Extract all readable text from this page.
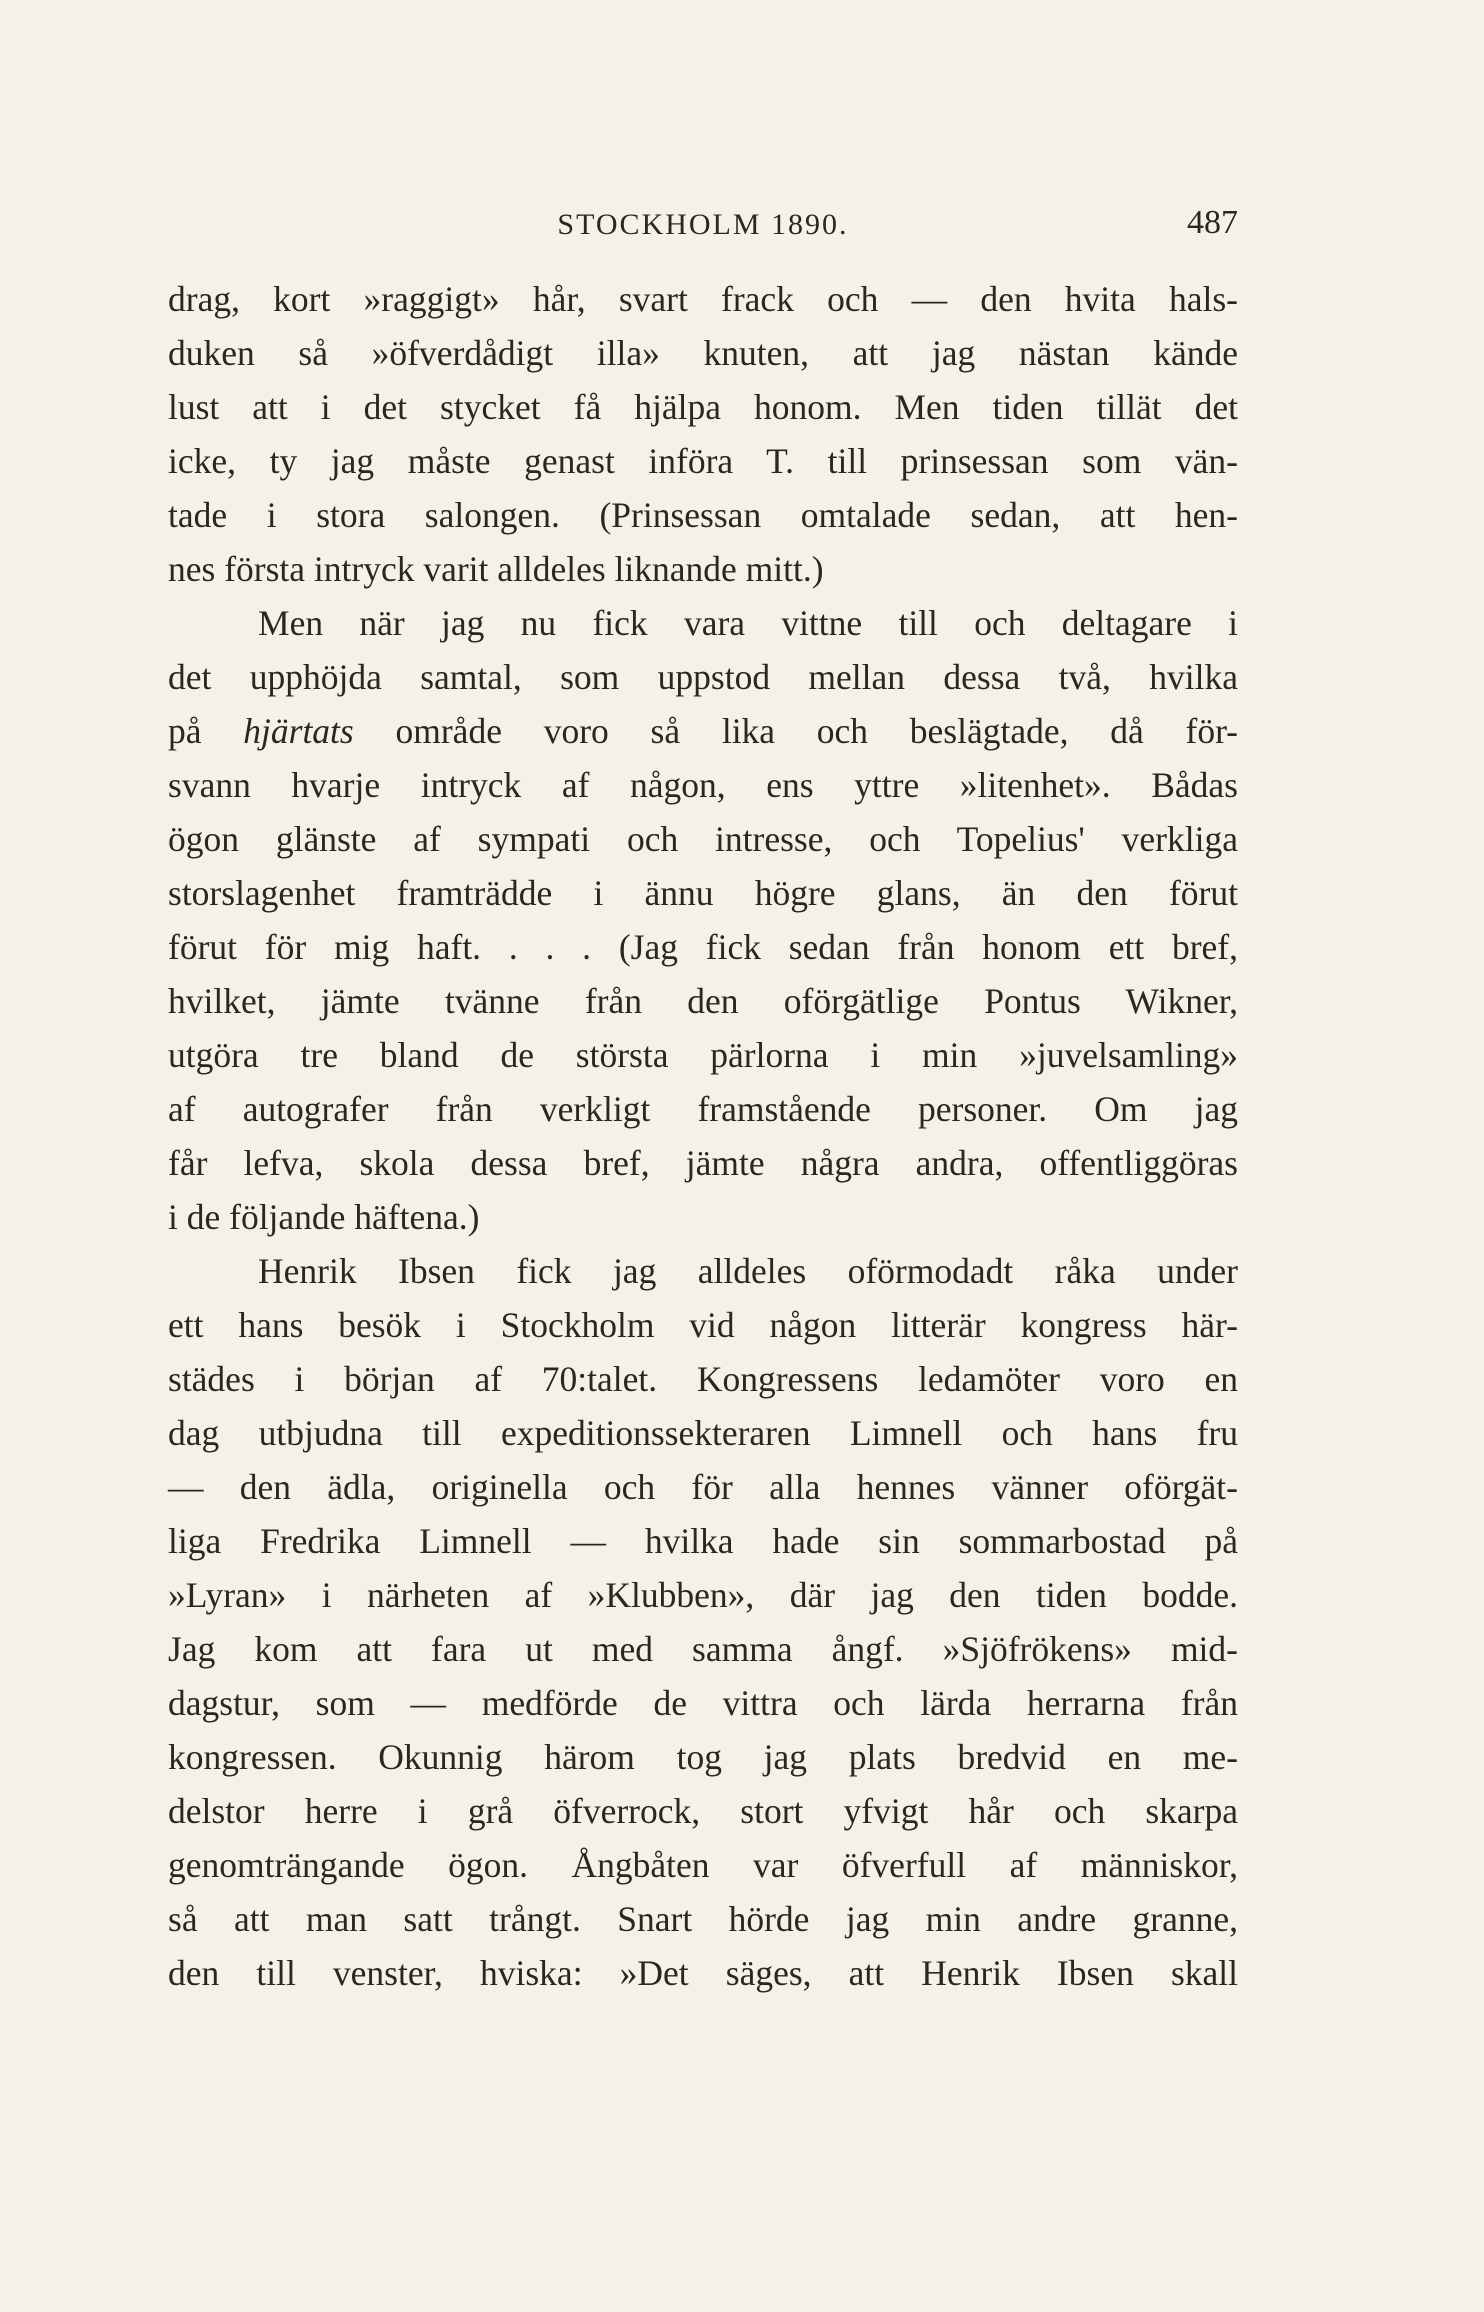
STOCKHOLM 1890.	487
drag, kort »raggigt» hår, svart frack och — den hvita hals-
duken så »öfverdådigt illa» knuten, att jag nästan kände
lust att i det stycket få hjälpa honom. Men tiden tillät det
icke, ty jag måste genast införa T. till prinsessan som vän-
tade i stora salongen. (Prinsessan omtalade sedan, att hen-
nes första intryck varit alldeles liknande mitt.)
Men när jag nu fick vara vittne till och deltagare i
det upphöjda samtal, som uppstod mellan dessa två, hvilka
på hjärtats område voro så lika och beslägtade, då för-
svann hvarje intryck af någon, ens yttre »litenhet». Bådas
ögon glänste af sympati och intresse, och Topelius' verkliga
storslagenhet framträdde i ännu högre glans, än den förut
förut för mig haft. . . . (Jag fick sedan från honom ett bref,
hvilket, jämte tvänne från den oförgätlige Pontus Wikner,
utgöra tre bland de största pärlorna i min »juvelsamling»
af autografer från verkligt framstående personer. Om jag
får lefva, skola dessa bref, jämte några andra, offentliggöras
i de följande häftena.)
Henrik Ibsen fick jag alldeles oförmodadt råka under
ett hans besök i Stockholm vid någon litterär kongress här-
städes i början af 70:talet. Kongressens ledamöter voro en
dag utbjudna till expeditionssekteraren Limnell och hans fru
— den ädla, originella och för alla hennes vänner oförgät-
liga Fredrika Limnell — hvilka hade sin sommarbostad på
»Lyran» i närheten af »Klubben», där jag den tiden bodde.
Jag kom att fara ut med samma ångf. »Sjöfrökens» mid-
dagstur, som — medförde de vittra och lärda herrarna från
kongressen. Okunnig härom tog jag plats bredvid en me-
delstor herre i grå öfverrock, stort yfvigt hår och skarpa
genomträngande ögon. Ångbåten var öfverfull af människor,
så att man satt trångt. Snart hörde jag min andre granne,
den till venster, hviska: »Det säges, att Henrik Ibsen skall
